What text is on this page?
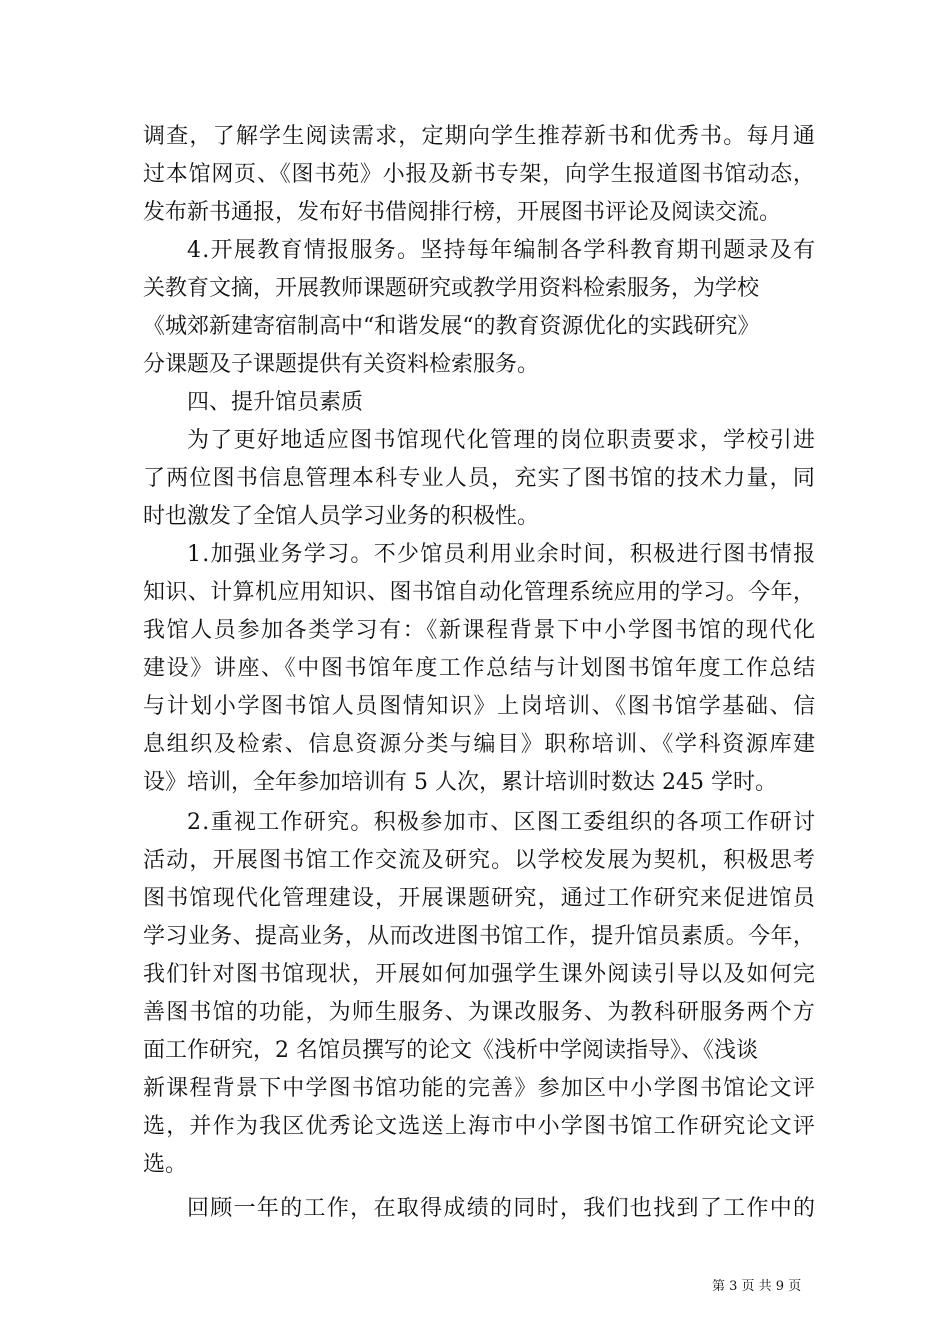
调查，了解学生阅读需求，定期向学生推荐新书和优秀书。每月通
过本馆网页、《图书苑》小报及新书专架，向学生报道图书馆动态，
发布新书通报，发布好书借阅排行榜，开展图书评论及阅读交流。
4.开展教育情报服务。坚持每年编制各学科教育期刊题录及有
关教育文摘，开展教师课题研究或教学用资料检索服务，为学校
《城郊新建寄宿制高中“和谐发展“的教育资源优化的实践研究》
分课题及子课题提供有关资料检索服务。
四、提升馆员素质
为了更好地适应图书馆现代化管理的岗位职责要求，学校引进
了两位图书信息管理本科专业人员，充实了图书馆的技术力量，同
时也激发了全馆人员学习业务的积极性。
1.加强业务学习。不少馆员利用业余时间，积极进行图书情报
知识、计算机应用知识、图书馆自动化管理系统应用的学习。今年，
我馆人员参加各类学习有：《新课程背景下中小学图书馆的现代化
建设》讲座、《中图书馆年度工作总结与计划图书馆年度工作总结
与计划小学图书馆人员图情知识》上岗培训、《图书馆学基础、信
息组织及检索、信息资源分类与编目》职称培训、《学科资源库建
设》培训，全年参加培训有 5 人次，累计培训时数达 245 学时。
2.重视工作研究。积极参加市、区图工委组织的各项工作研讨
活动，开展图书馆工作交流及研究。以学校发展为契机，积极思考
图书馆现代化管理建设，开展课题研究，通过工作研究来促进馆员
学习业务、提高业务，从而改进图书馆工作，提升馆员素质。今年，
我们针对图书馆现状，开展如何加强学生课外阅读引导以及如何完
善图书馆的功能，为师生服务、为课改服务、为教科研服务两个方
面工作研究，2 名馆员撰写的论文《浅析中学阅读指导》、《浅谈
新课程背景下中学图书馆功能的完善》参加区中小学图书馆论文评
选，并作为我区优秀论文选送上海市中小学图书馆工作研究论文评
选。
回顾一年的工作，在取得成绩的同时，我们也找到了工作中的
第 3 页 共 9 页
